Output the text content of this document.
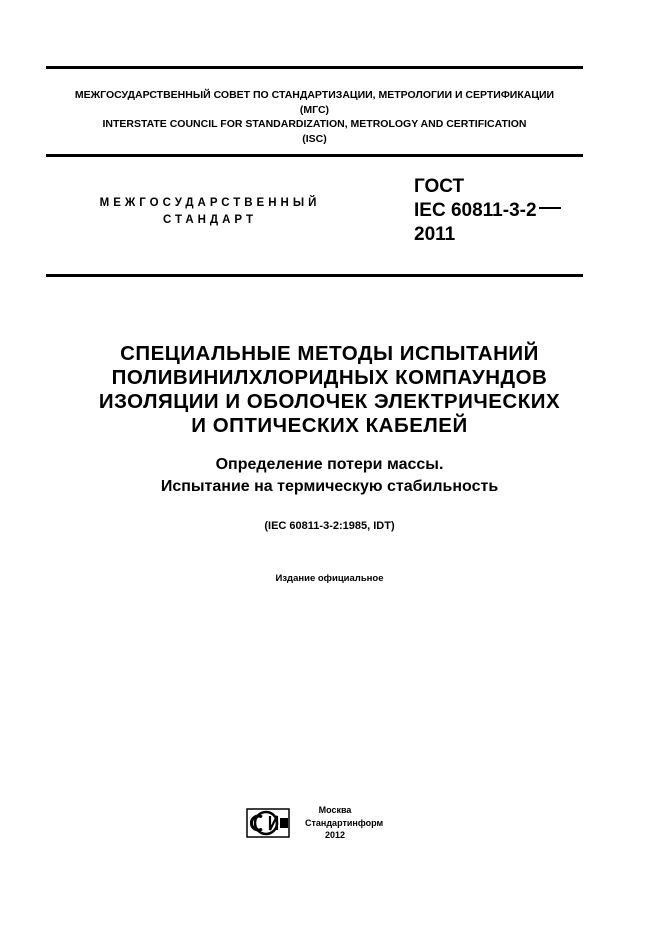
МЕЖГОСУДАРСТВЕННЫЙ СОВЕТ ПО СТАНДАРТИЗАЦИИ, МЕТРОЛОГИИ И СЕРТИФИКАЦИИ
(МГС)
INTERSTATE COUNCIL FOR STANDARDIZATION, METROLOGY AND CERTIFICATION
(ISC)
МЕЖГОСУДАРСТВЕННЫЙ
СТАНДАРТ
ГОСТ
IEC 60811-3-2
2011
СПЕЦИАЛЬНЫЕ МЕТОДЫ ИСПЫТАНИЙ
ПОЛИВИНИЛХЛОРИДНЫХ КОМПАУНДОВ
ИЗОЛЯЦИИ И ОБОЛОЧЕК ЭЛЕКТРИЧЕСКИХ
И ОПТИЧЕСКИХ КАБЕЛЕЙ
Определение потери массы.
Испытание на термическую стабильность
(IEC 60811-3-2:1985, IDT)
Издание официальное
Москва
Стандартинформ
2012
